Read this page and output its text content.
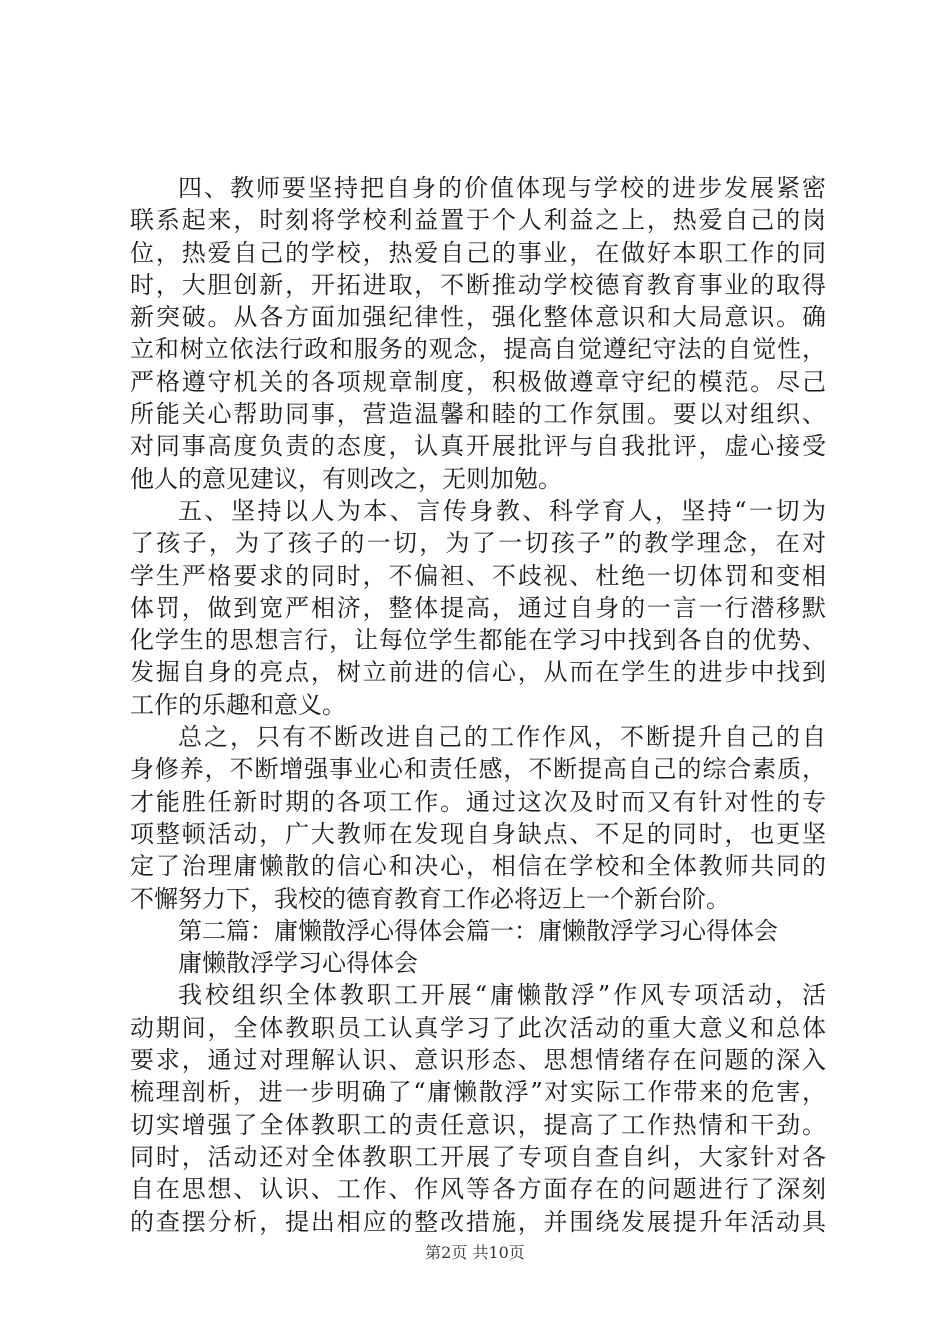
四、教师要坚持把自身的价值体现与学校的进步发展紧密
联系起来，时刻将学校利益置于个人利益之上，热爱自己的岗
位，热爱自己的学校，热爱自己的事业，在做好本职工作的同
时，大胆创新，开拓进取，不断推动学校德育教育事业的取得
新突破。从各方面加强纪律性，强化整体意识和大局意识。确
立和树立依法行政和服务的观念，提高自觉遵纪守法的自觉性，
严格遵守机关的各项规章制度，积极做遵章守纪的模范。尽己
所能关心帮助同事，营造温馨和睦的工作氛围。要以对组织、
对同事高度负责的态度，认真开展批评与自我批评，虚心接受
他人的意见建议，有则改之，无则加勉。
五、坚持以人为本、言传身教、科学育人，坚持“一切为
了孩子，为了孩子的一切，为了一切孩子”的教学理念，在对
学生严格要求的同时，不偏袒、不歧视、杜绝一切体罚和变相
体罚，做到宽严相济，整体提高，通过自身的一言一行潜移默
化学生的思想言行，让每位学生都能在学习中找到各自的优势、
发掘自身的亮点，树立前进的信心，从而在学生的进步中找到
工作的乐趣和意义。
总之，只有不断改进自己的工作作风，不断提升自己的自
身修养，不断增强事业心和责任感，不断提高自己的综合素质，
才能胜任新时期的各项工作。通过这次及时而又有针对性的专
项整顿活动，广大教师在发现自身缺点、不足的同时，也更坚
定了治理庸懒散的信心和决心，相信在学校和全体教师共同的
不懈努力下，我校的德育教育工作必将迈上一个新台阶。
第二篇：庸懒散浮心得体会篇一：庸懒散浮学习心得体会
庸懒散浮学习心得体会
我校组织全体教职工开展“庸懒散浮”作风专项活动，活
动期间，全体教职员工认真学习了此次活动的重大意义和总体
要求，通过对理解认识、意识形态、思想情绪存在问题的深入
梳理剖析，进一步明确了“庸懒散浮”对实际工作带来的危害，
切实增强了全体教职工的责任意识，提高了工作热情和干劲。
同时，活动还对全体教职工开展了专项自查自纠，大家针对各
自在思想、认识、工作、作风等各方面存在的问题进行了深刻
的查摆分析，提出相应的整改措施，并围绕发展提升年活动具
第2页 共10页
